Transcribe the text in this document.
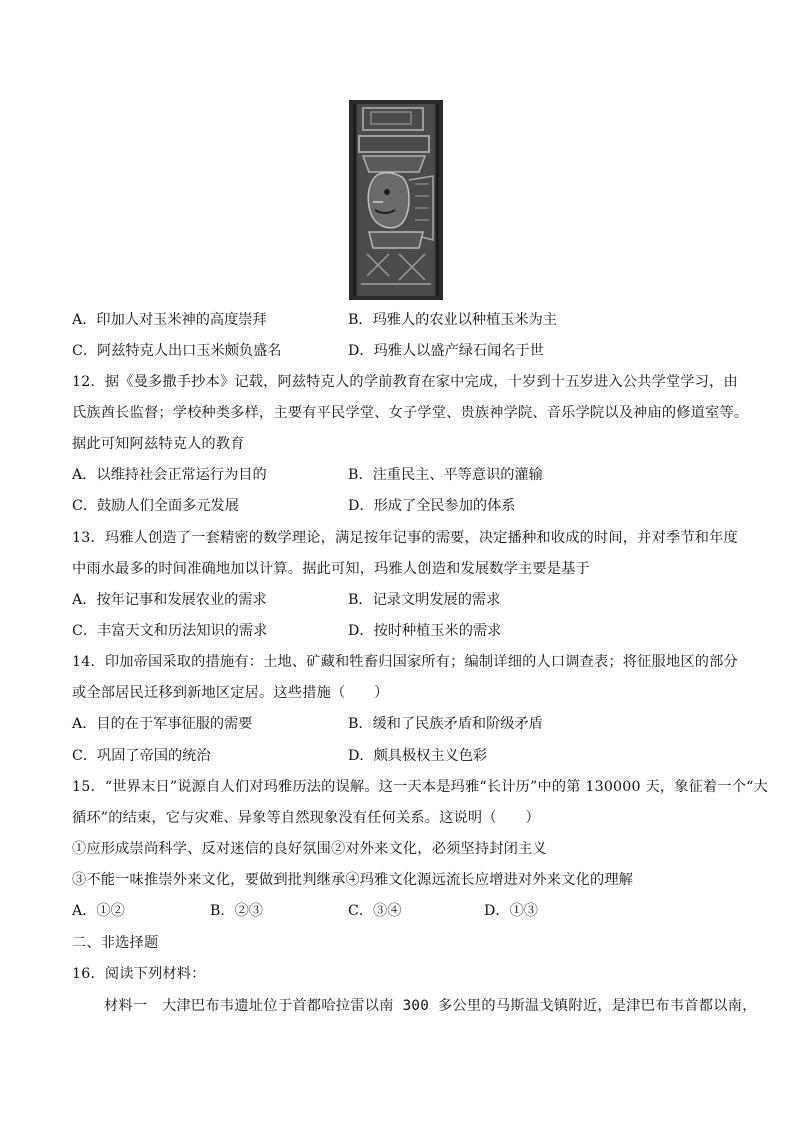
A．印加人对玉米神的高度崇拜	B．玛雅人的农业以种植玉米为主
C．阿兹特克人出口玉米颇负盛名	D．玛雅人以盛产绿石闻名于世
12．据《曼多撒手抄本》记载，阿兹特克人的学前教育在家中完成，十岁到十五岁进入公共学堂学习，由
氏族酋长监督；学校种类多样，主要有平民学堂、女子学堂、贵族神学院、音乐学院以及神庙的修道室等。
据此可知阿兹特克人的教育
A．以维持社会正常运行为目的	B．注重民主、平等意识的灌输
C．鼓励人们全面多元发展	D．形成了全民参加的体系
13．玛雅人创造了一套精密的数学理论，满足按年记事的需要，决定播种和收成的时间，并对季节和年度
中雨水最多的时间准确地加以计算。据此可知，玛雅人创造和发展数学主要是基于
A．按年记事和发展农业的需求	B．记录文明发展的需求
C．丰富天文和历法知识的需求	D．按时种植玉米的需求
14．印加帝国采取的措施有：土地、矿藏和牲畜归国家所有；编制详细的人口调查表；将征服地区的部分
或全部居民迁移到新地区定居。这些措施（　　）
A．目的在于军事征服的需要	B．缓和了民族矛盾和阶级矛盾
C．巩固了帝国的统治	D．颇具极权主义色彩
15．“世界末日”说源自人们对玛雅历法的误解。这一天本是玛雅“长计历”中的第 130000 天，象征着一个“大
循环”的结束，它与灾难、异象等自然现象没有任何关系。这说明（　　）
①应形成崇尚科学、反对迷信的良好氛围②对外来文化，必须坚持封闭主义
③不能一味推崇外来文化，要做到批判继承④玛雅文化源远流长应增进对外来文化的理解
A．①②	B．②③	C．③④	D．①③
二、非选择题
16．阅读下列材料：
材料一　大津巴布韦遗址位于首都哈拉雷以南 300 多公里的马斯温戈镇附近，是津巴布韦首都以南，
